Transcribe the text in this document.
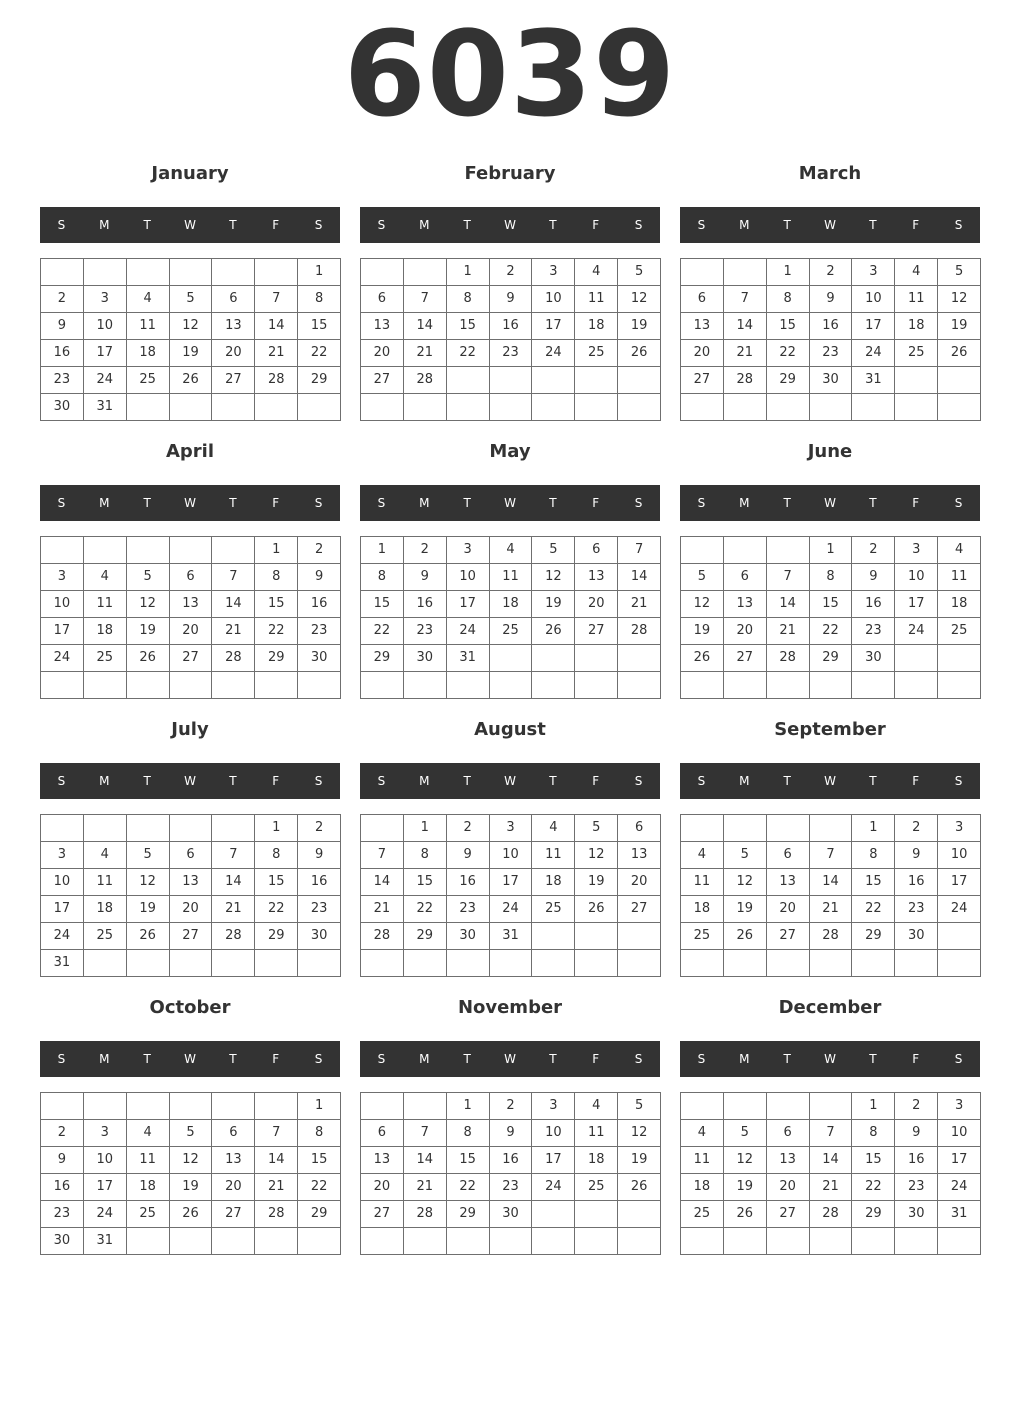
6039
January
S	M	T	W	T	F	S
						1
2	3	4	5	6	7	8
9	10	11	12	13	14	15
16	17	18	19	20	21	22
23	24	25	26	27	28	29
30	31					
February
S	M	T	W	T	F	S
		1	2	3	4	5
6	7	8	9	10	11	12
13	14	15	16	17	18	19
20	21	22	23	24	25	26
27	28					

March
S	M	T	W	T	F	S
		1	2	3	4	5
6	7	8	9	10	11	12
13	14	15	16	17	18	19
20	21	22	23	24	25	26
27	28	29	30	31		

April
S	M	T	W	T	F	S
					1	2
3	4	5	6	7	8	9
10	11	12	13	14	15	16
17	18	19	20	21	22	23
24	25	26	27	28	29	30

May
S	M	T	W	T	F	S
1	2	3	4	5	6	7
8	9	10	11	12	13	14
15	16	17	18	19	20	21
22	23	24	25	26	27	28
29	30	31				

June
S	M	T	W	T	F	S
			1	2	3	4
5	6	7	8	9	10	11
12	13	14	15	16	17	18
19	20	21	22	23	24	25
26	27	28	29	30		

July
S	M	T	W	T	F	S
					1	2
3	4	5	6	7	8	9
10	11	12	13	14	15	16
17	18	19	20	21	22	23
24	25	26	27	28	29	30
31						
August
S	M	T	W	T	F	S
	1	2	3	4	5	6
7	8	9	10	11	12	13
14	15	16	17	18	19	20
21	22	23	24	25	26	27
28	29	30	31			

September
S	M	T	W	T	F	S
				1	2	3
4	5	6	7	8	9	10
11	12	13	14	15	16	17
18	19	20	21	22	23	24
25	26	27	28	29	30	

October
S	M	T	W	T	F	S
						1
2	3	4	5	6	7	8
9	10	11	12	13	14	15
16	17	18	19	20	21	22
23	24	25	26	27	28	29
30	31					
November
S	M	T	W	T	F	S
		1	2	3	4	5
6	7	8	9	10	11	12
13	14	15	16	17	18	19
20	21	22	23	24	25	26
27	28	29	30			

December
S	M	T	W	T	F	S
				1	2	3
4	5	6	7	8	9	10
11	12	13	14	15	16	17
18	19	20	21	22	23	24
25	26	27	28	29	30	31
